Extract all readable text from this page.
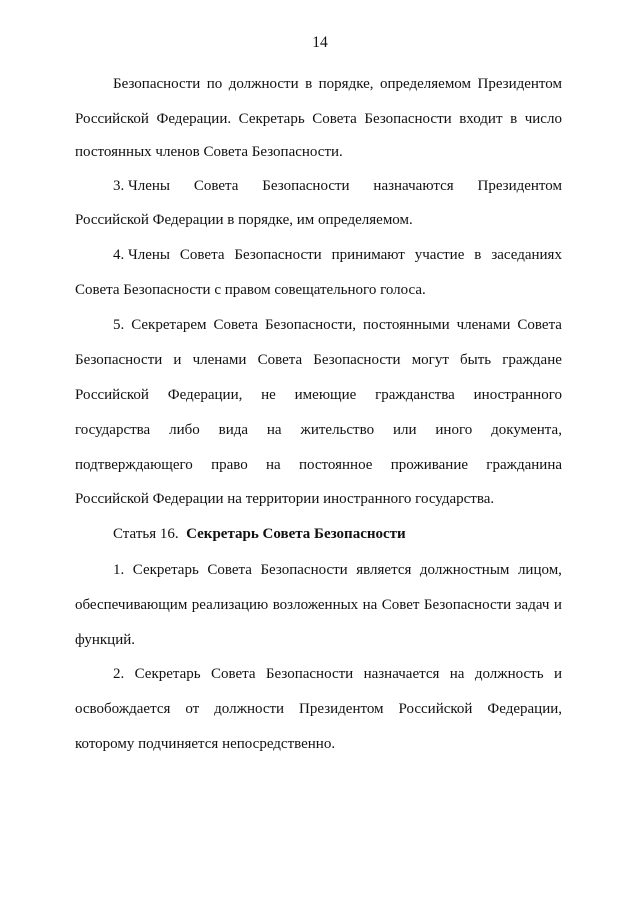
14
Безопасности по должности в порядке, определяемом Президентом
Российской Федерации. Секретарь Совета Безопасности входит в число
постоянных членов Совета Безопасности.
3. Члены Совета Безопасности назначаются Президентом
Российской Федерации в порядке, им определяемом.
4. Члены Совета Безопасности принимают участие в заседаниях
Совета Безопасности с правом совещательного голоса.
5. Секретарем Совета Безопасности, постоянными членами Совета
Безопасности и членами Совета Безопасности могут быть граждане
Российской Федерации, не имеющие гражданства иностранного
государства либо вида на жительство или иного документа,
подтверждающего право на постоянное проживание гражданина
Российской Федерации на территории иностранного государства.
1. Секретарь Совета Безопасности является должностным лицом,
обеспечивающим реализацию возложенных на Совет Безопасности задач и
функций.
2. Секретарь Совета Безопасности назначается на должность и
освобождается от должности Президентом Российской Федерации,
которому подчиняется непосредственно.
Статья 16.  Секретарь Совета Безопасности
